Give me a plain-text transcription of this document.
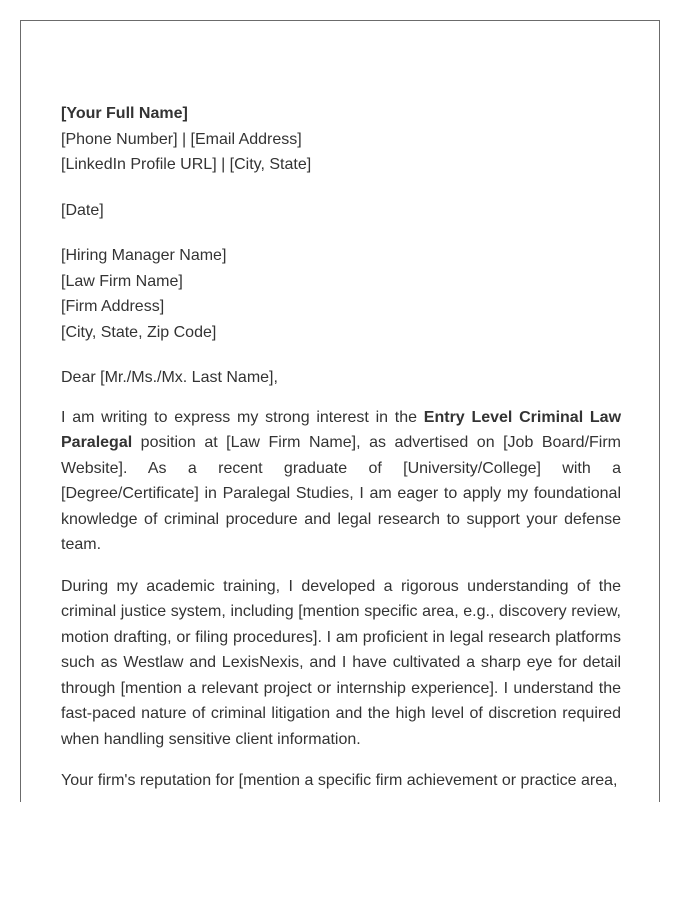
[Your Full Name]
[Phone Number] | [Email Address]
[LinkedIn Profile URL] | [City, State]
[Date]
[Hiring Manager Name]
[Law Firm Name]
[Firm Address]
[City, State, Zip Code]

Dear [Mr./Ms./Mx. Last Name],

I am writing to express my strong interest in the Entry Level Criminal Law Paralegal position at [Law Firm Name], as advertised on [Job Board/Firm Website]. As a recent graduate of [University/College] with a [Degree/Certificate] in Paralegal Studies, I am eager to apply my foundational knowledge of criminal procedure and legal research to support your defense team.

During my academic training, I developed a rigorous understanding of the criminal justice system, including [mention specific area, e.g., discovery review, motion drafting, or filing procedures]. I am proficient in legal research platforms such as Westlaw and LexisNexis, and I have cultivated a sharp eye for detail through [mention a relevant project or internship experience]. I understand the fast-paced nature of criminal litigation and the high level of discretion required when handling sensitive client information.

Your firm's reputation for [mention a specific firm achievement or practice area,
